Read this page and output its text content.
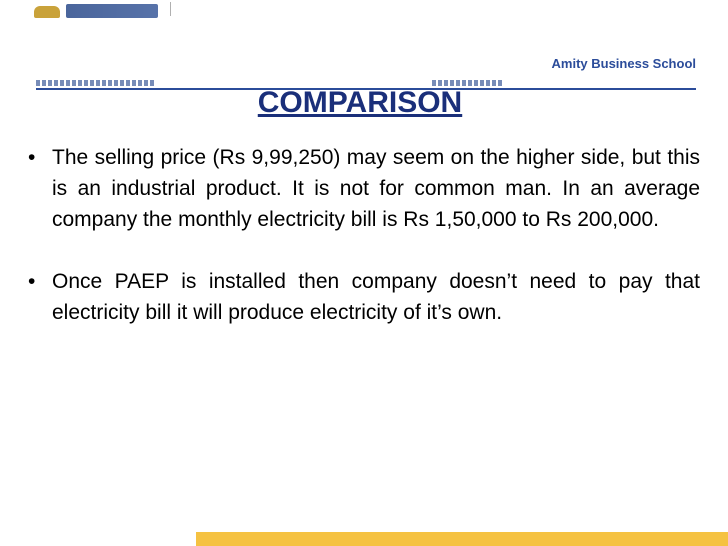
Amity Business School
COMPARISON
• The selling price (Rs 9,99,250) may seem on the higher side, but this is an industrial product. It is not for common man. In an average company the monthly electricity bill is Rs 1,50,000 to Rs 200,000.
• Once PAEP is installed then company doesn’t need to pay that electricity bill it will produce electricity of it’s own.
